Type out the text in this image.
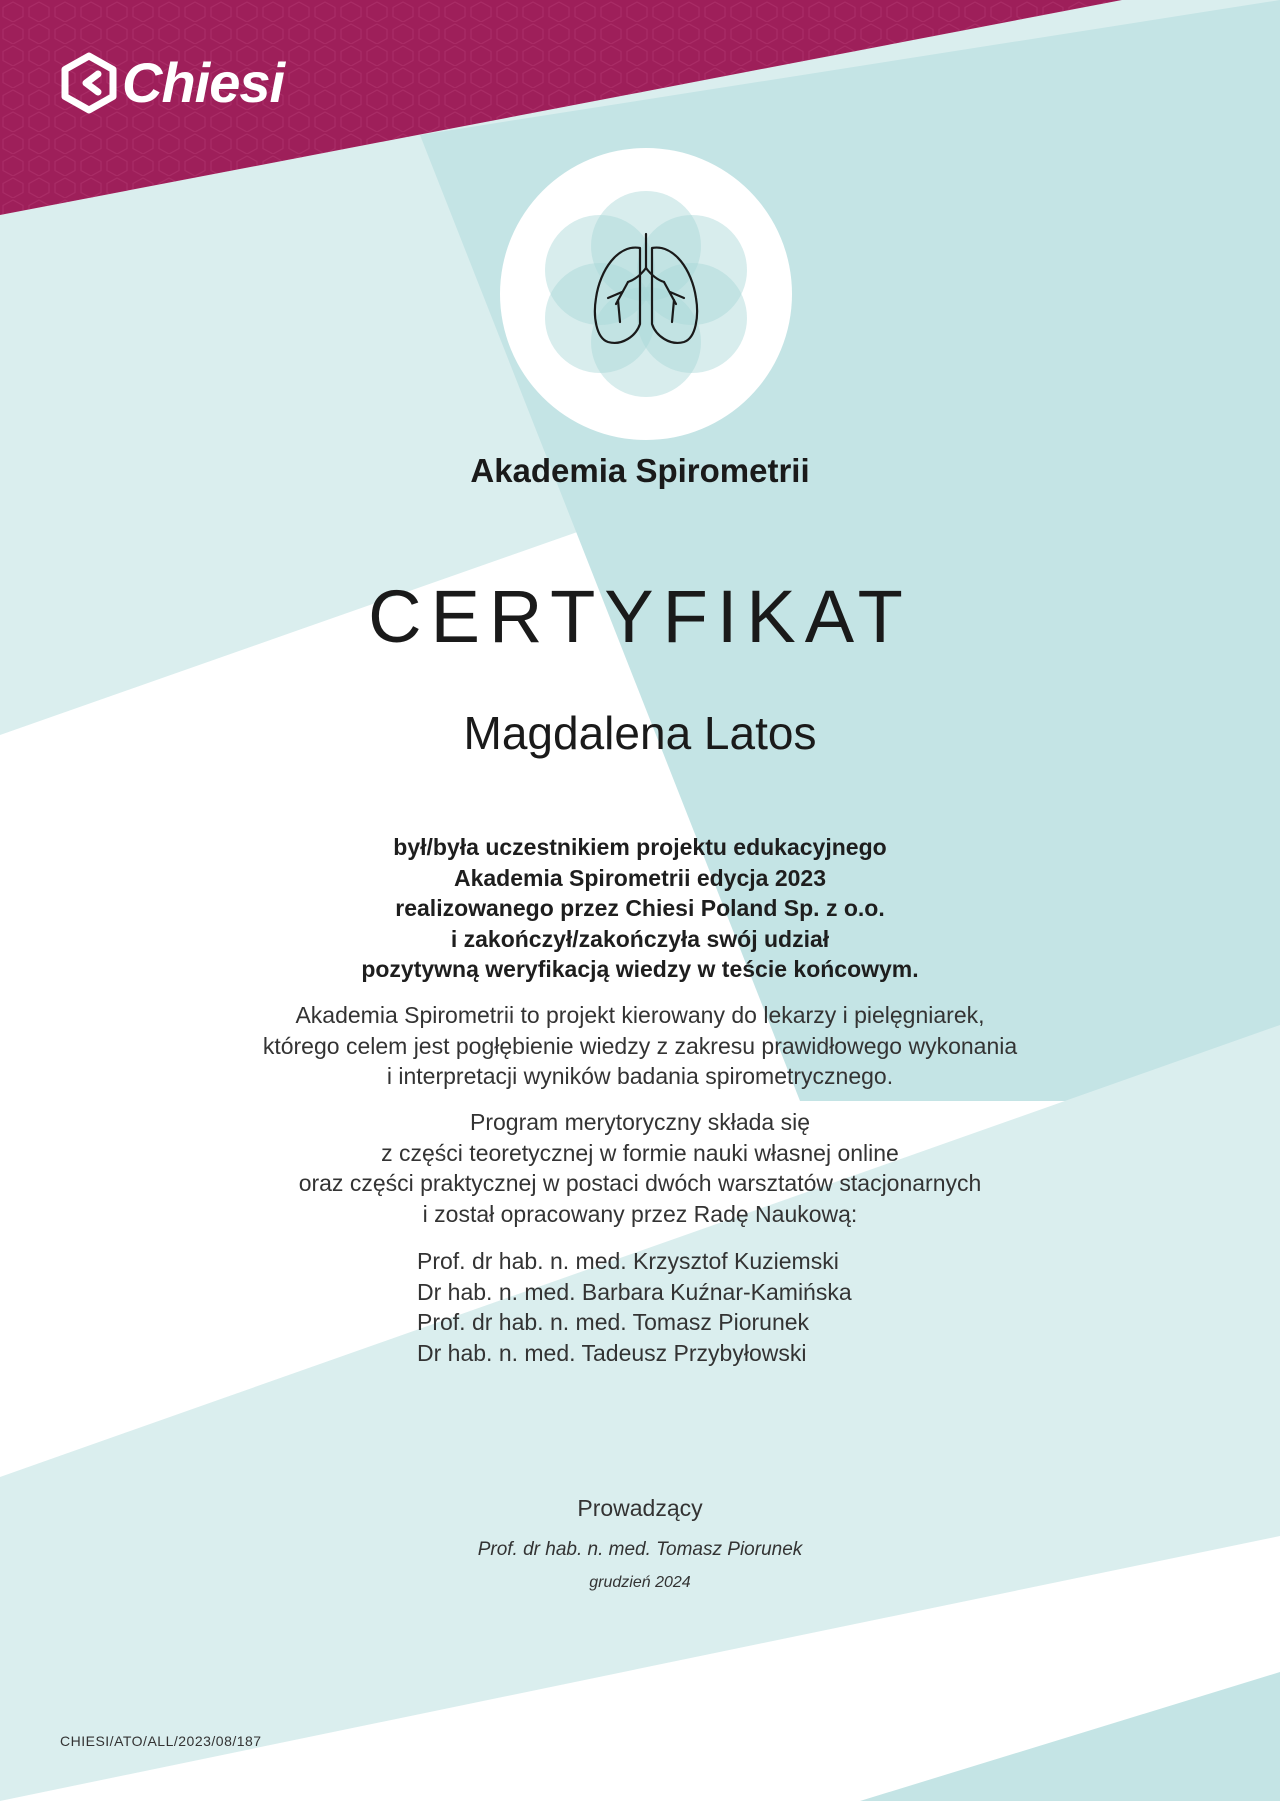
Chiesi
Akademia Spirometrii
CERTYFIKAT
Magdalena Latos
był/była uczestnikiem projektu edukacyjnego
Akademia Spirometrii edycja 2023
realizowanego przez Chiesi Poland Sp. z o.o.
i zakończył/zakończyła swój udział
pozytywną weryfikacją wiedzy w teście końcowym.
Akademia Spirometrii to projekt kierowany do lekarzy i pielęgniarek,
którego celem jest pogłębienie wiedzy z zakresu prawidłowego wykonania
i interpretacji wyników badania spirometrycznego.
Program merytoryczny składa się
z części teoretycznej w formie nauki własnej online
oraz części praktycznej w postaci dwóch warsztatów stacjonarnych
i został opracowany przez Radę Naukową:
Prof. dr hab. n. med. Krzysztof Kuziemski
Dr hab. n. med. Barbara Kuźnar-Kamińska
Prof. dr hab. n. med. Tomasz Piorunek
Dr hab. n. med. Tadeusz Przybyłowski
Prowadzący
Prof. dr hab. n. med. Tomasz Piorunek
grudzień 2024
CHIESI/ATO/ALL/2023/08/187
